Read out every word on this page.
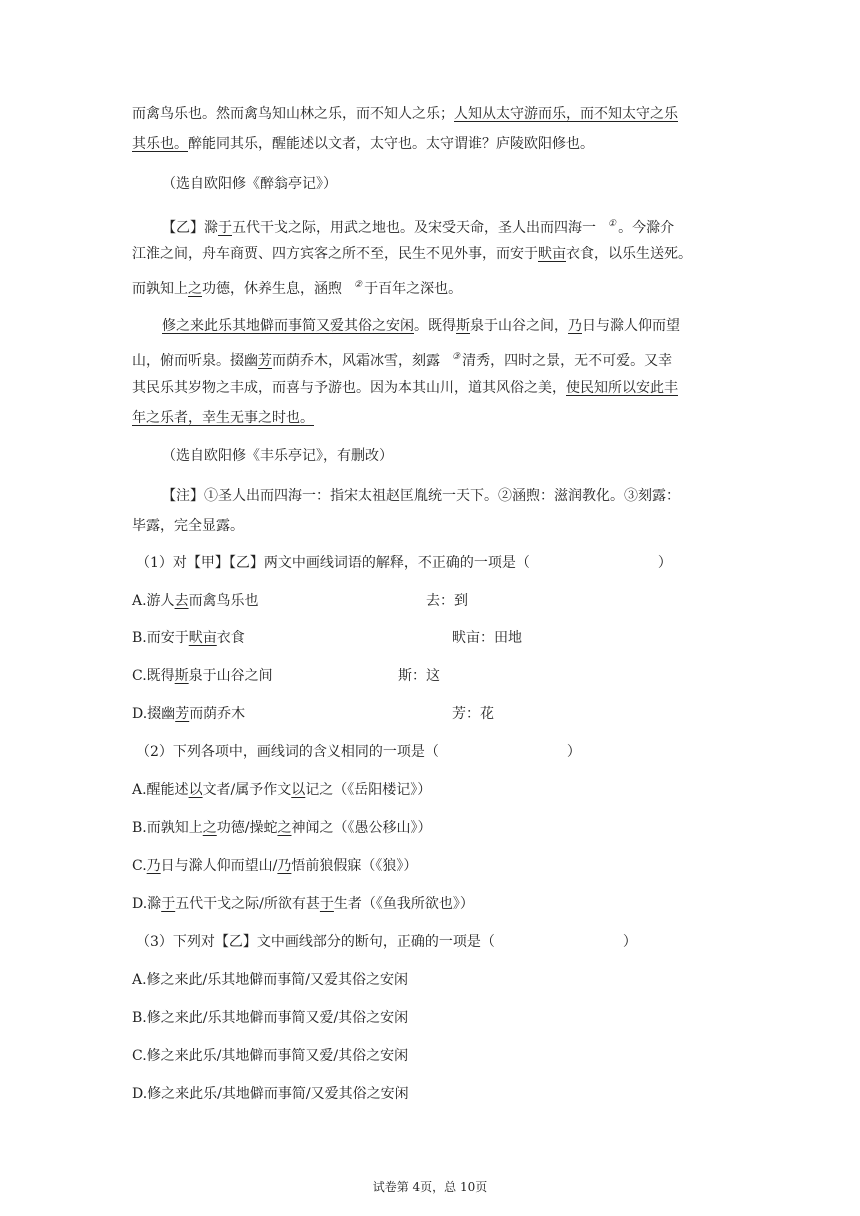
而禽鸟乐也。然而禽鸟知山林之乐，而不知人之乐；人知从太守游而乐，而不知太守之乐
其乐也。醉能同其乐，醒能述以文者，太守也。太守谓谁？庐陵欧阳修也。
（选自欧阳修《醉翁亭记》）
【乙】滁于五代干戈之际，用武之地也。及宋受天命，圣人出而四海一 ① 。今滁介
江淮之间，舟车商贾、四方宾客之所不至，民生不见外事，而安于畎亩衣食，以乐生送死。
而孰知上之功德，休养生息，涵煦 ② 于百年之深也。
修之来此乐其地僻而事简又爱其俗之安闲。既得斯泉于山谷之间，乃日与滁人仰而望
山，俯而听泉。掇幽芳而荫乔木，风霜冰雪，刻露 ③ 清秀，四时之景，无不可爱。又幸
其民乐其岁物之丰成，而喜与予游也。因为本其山川，道其风俗之美，使民知所以安此丰
年之乐者，幸生无事之时也。
（选自欧阳修《丰乐亭记》，有删改）
【注】①圣人出而四海一：指宋太祖赵匡胤统一天下。②涵煦：滋润教化。③刻露：
毕露，完全显露。
（1）对【甲】【乙】两文中画线词语的解释，不正确的一项是（	）
A.游人去而禽鸟乐也	去：到
B.而安于畎亩衣食	畎亩：田地
C.既得斯泉于山谷之间	斯：这
D.掇幽芳而荫乔木	芳：花
（2）下列各项中，画线词的含义相同的一项是（	）
A.醒能述以文者/属予作文以记之（《岳阳楼记》）
B.而孰知上之功德/操蛇之神闻之（《愚公移山》）
C.乃日与滁人仰而望山/乃悟前狼假寐（《狼》）
D.滁于五代干戈之际/所欲有甚于生者（《鱼我所欲也》）
（3）下列对【乙】文中画线部分的断句，正确的一项是（	）
A.修之来此/乐其地僻而事简/又爱其俗之安闲
B.修之来此/乐其地僻而事简又爱/其俗之安闲
C.修之来此乐/其地僻而事简又爱/其俗之安闲
D.修之来此乐/其地僻而事简/又爱其俗之安闲
试卷第 4页，总 10页
